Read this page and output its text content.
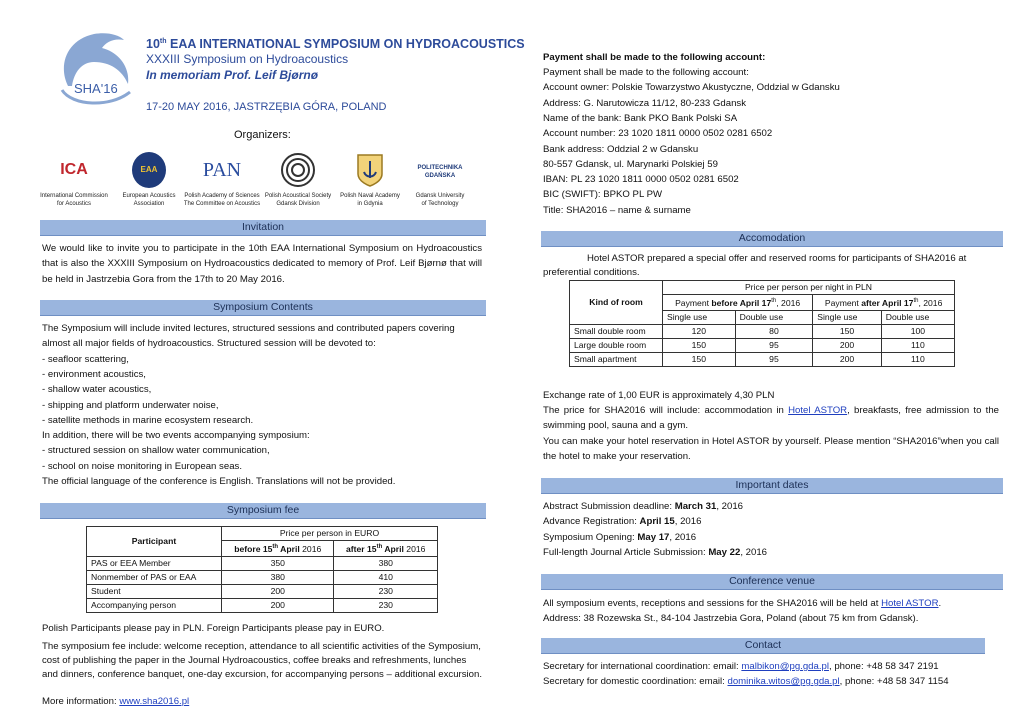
SHA'16
10th EAA INTERNATIONAL SYMPOSIUM ON HYDROACOUSTICS
XXXIII Symposium on Hydroacoustics
In memoriam Prof. Leif Bjørnø
17-20 MAY 2016, JASTRZĘBIA GÓRA, POLAND
Organizers:
ICA
International Commission
for Acoustics
EAA
European Acoustics
Association
PAN
Polish Academy of Sciences
The Committee on Acoustics
Polish Acoustical Society
Gdansk Division
Polish Naval Academy
in Gdynia
POLITECHNIKA GDAŃSKA
Gdansk University
of Technology
Invitation
We would like to invite you to participate in the 10th EAA International Symposium on Hydroacoustics that is also the XXXIII Symposium on Hydroacoustics dedicated to memory of Prof. Leif Bjørnø that will be held in Jastrzebia Gora from the 17th to 20 May 2016.
Symposium Contents
The Symposium will include invited lectures, structured sessions and contributed papers covering
almost all major fields of hydroacoustics. Structured session will be devoted to:
- seafloor scattering,
- environment acoustics,
- shallow water acoustics,
- shipping and platform underwater noise,
- satellite methods in marine ecosystem research.
In addition, there will be two events accompanying symposium:
- structured session on shallow water communication,
- school on noise monitoring in European seas.
The official language of the conference is English. Translations will not be provided.
Symposium fee
Participant	Price per person in EURO	
	before 15th April 2016	after 15th April 2016
PAS or EEA Member	350	380
Nonmember of PAS or EAA	380	410
Student	200	230
Accompanying person	200	230
Polish Participants please pay in PLN. Foreign Participants please pay in EURO.
The symposium fee include: welcome reception, attendance to all scientific activities of the Symposium, cost of publishing the paper in the Journal Hydroacoustics, coffee breaks and refreshments, lunches and dinners, conference banquet, one-day excursion, for accompanying persons – additional excursion.
More information: www.sha2016.pl
Payment shall be made to the following account:
Payment shall be made to the following account:
Account owner: Polskie Towarzystwo Akustyczne, Oddzial w Gdansku
Address: G. Narutowicza 11/12, 80-233 Gdansk
Name of the bank: Bank PKO Bank Polski SA
Account number: 23 1020 1811 0000 0502 0281 6502
Bank address: Oddzial 2 w Gdansku
80-557 Gdansk, ul. Marynarki Polskiej 59
IBAN: PL 23 1020 1811 0000 0502 0281 6502
BIC (SWIFT): BPKO PL PW
Title: SHA2016 – name & surname
Accomodation
Hotel ASTOR prepared a special offer and reserved rooms for participants of SHA2016 at preferential conditions.
Kind of room	Price per person per night in PLN			
	Payment before April 17th, 2016		Payment after April 17th, 2016	
	Single use	Double use	Single use	Double use
Small double room	120	80	150	100
Large double room	150	95	200	110
Small apartment	150	95	200	110
Exchange rate of 1,00 EUR is approximately 4,30 PLN
The price for SHA2016 will include: accommodation in Hotel ASTOR, breakfasts, free admission to the swimming pool, sauna and a gym.
You can make your hotel reservation in Hotel ASTOR by yourself. Please mention “SHA2016”when you call the hotel to make your reservation.
Important dates
Abstract Submission deadline: March 31, 2016
Advance Registration: April 15, 2016
Symposium Opening: May 17, 2016
Full-length Journal Article Submission: May 22, 2016
Conference venue
All symposium events, receptions and sessions for the SHA2016 will be held at Hotel ASTOR.
Address: 38 Rozewska St., 84-104 Jastrzebia Gora, Poland (about 75 km from Gdansk).
Contact
Secretary for international coordination: email: malbikon@pg.gda.pl, phone: +48 58 347 2191
Secretary for domestic coordination: email: dominika.witos@pg.gda.pl, phone: +48 58 347 1154
